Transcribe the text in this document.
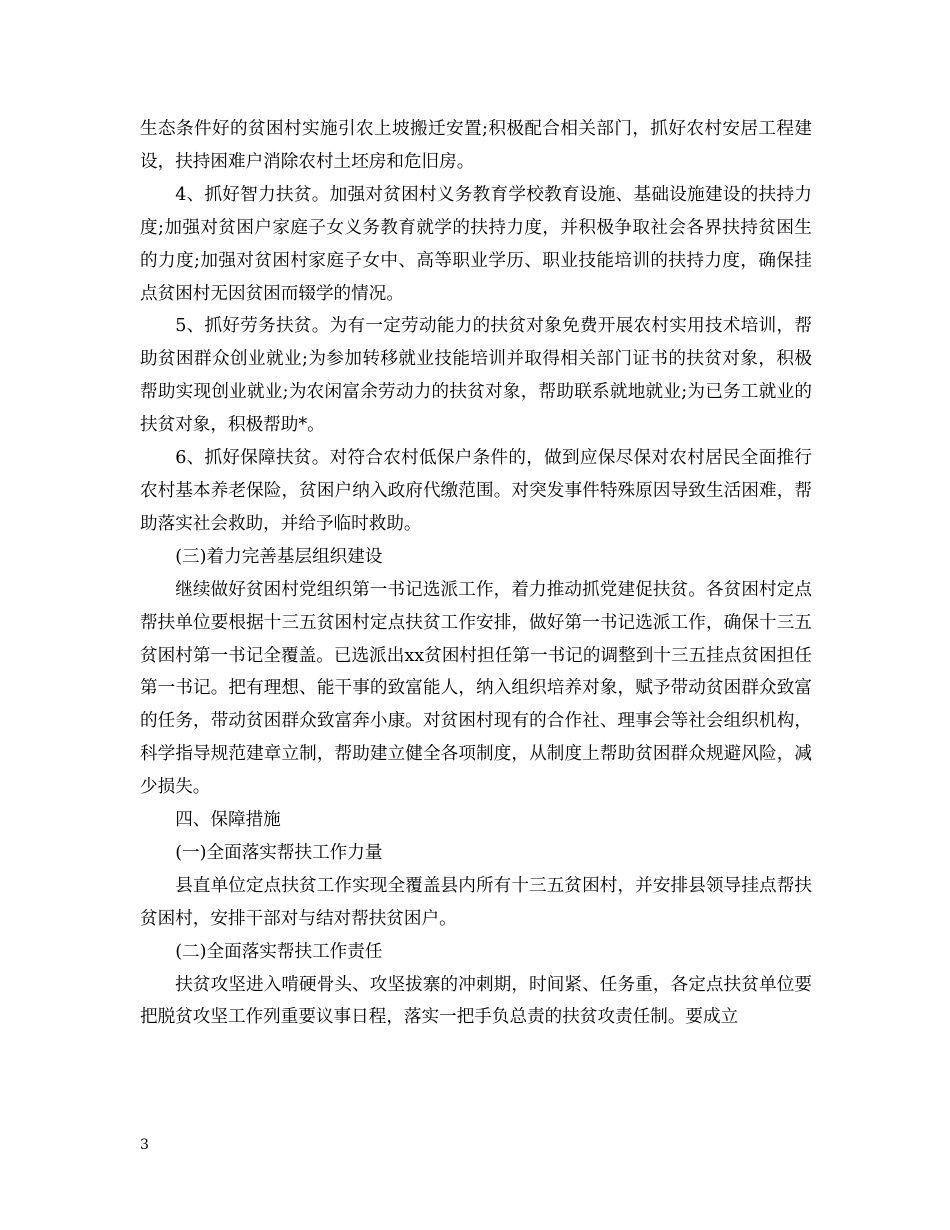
生态条件好的贫困村实施引农上坡搬迁安置;积极配合相关部门，抓好农村安居工程建设，扶持困难户消除农村土坯房和危旧房。

4、抓好智力扶贫。加强对贫困村义务教育学校教育设施、基础设施建设的扶持力度;加强对贫困户家庭子女义务教育就学的扶持力度，并积极争取社会各界扶持贫困生的力度;加强对贫困村家庭子女中、高等职业学历、职业技能培训的扶持力度，确保挂点贫困村无因贫困而辍学的情况。

5、抓好劳务扶贫。为有一定劳动能力的扶贫对象免费开展农村实用技术培训，帮助贫困群众创业就业;为参加转移就业技能培训并取得相关部门证书的扶贫对象，积极帮助实现创业就业;为农闲富余劳动力的扶贫对象，帮助联系就地就业;为已务工就业的扶贫对象，积极帮助*。

6、抓好保障扶贫。对符合农村低保户条件的，做到应保尽保对农村居民全面推行农村基本养老保险，贫困户纳入政府代缴范围。对突发事件特殊原因导致生活困难，帮助落实社会救助，并给予临时救助。

(三)着力完善基层组织建设

继续做好贫困村党组织第一书记选派工作，着力推动抓党建促扶贫。各贫困村定点帮扶单位要根据十三五贫困村定点扶贫工作安排，做好第一书记选派工作，确保十三五贫困村第一书记全覆盖。已选派出xx贫困村担任第一书记的调整到十三五挂点贫困担任第一书记。把有理想、能干事的致富能人，纳入组织培养对象，赋予带动贫困群众致富的任务，带动贫困群众致富奔小康。对贫困村现有的合作社、理事会等社会组织机构，科学指导规范建章立制，帮助建立健全各项制度，从制度上帮助贫困群众规避风险，减少损失。

四、保障措施

(一)全面落实帮扶工作力量

县直单位定点扶贫工作实现全覆盖县内所有十三五贫困村，并安排县领导挂点帮扶贫困村，安排干部对与结对帮扶贫困户。

(二)全面落实帮扶工作责任

扶贫攻坚进入啃硬骨头、攻坚拔寨的冲刺期，时间紧、任务重，各定点扶贫单位要把脱贫攻坚工作列重要议事日程，落实一把手负总责的扶贫攻责任制。要成立

3
